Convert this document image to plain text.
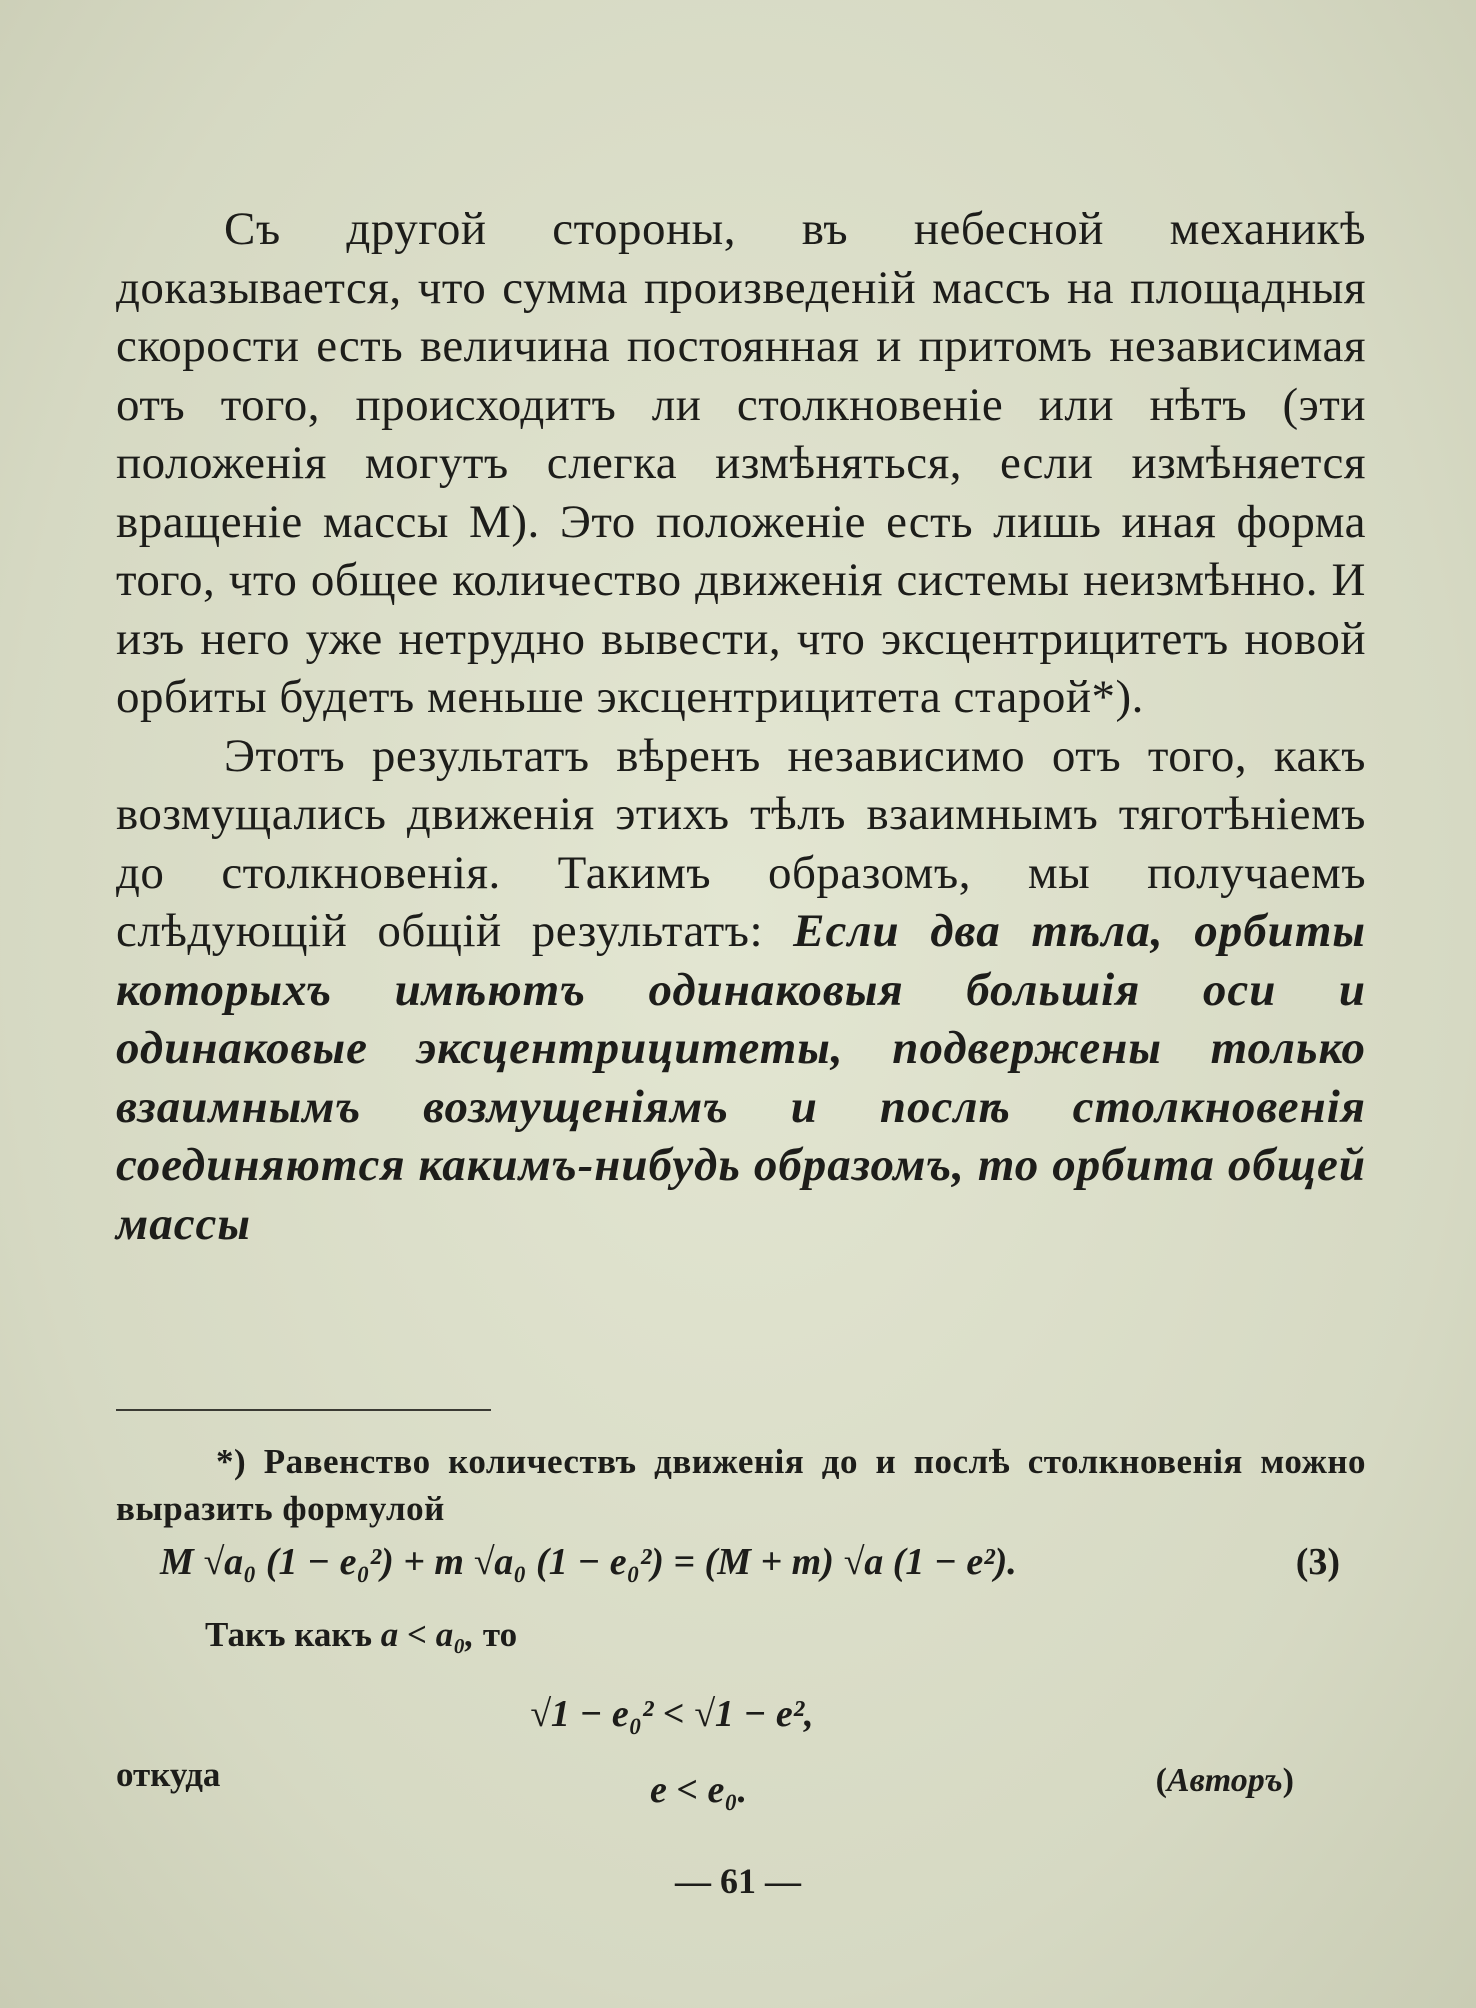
Съ другой стороны, въ небесной механикѣ доказывается, что сумма произведеній массъ на площадныя скорости есть величина постоянная и притомъ независимая отъ того, происходитъ ли столкновеніе или нѣтъ (эти положенія могутъ слегка измѣняться, если измѣняется вращеніе массы M). Это положеніе есть лишь иная форма того, что общее количество движенія системы неизмѣнно. И изъ него уже нетрудно вывести, что эксцентрицитетъ новой орбиты будетъ меньше эксцентрицитета старой*).

Этотъ результатъ вѣренъ независимо отъ того, какъ возмущались движенія этихъ тѣлъ взаимнымъ тяготѣніемъ до столкновенія. Такимъ образомъ, мы получаемъ слѣдующій общій результатъ: Если два тѣла, орбиты которыхъ имѣютъ одинаковыя большія оси и одинаковые эксцентрицитеты, подвержены только взаимнымъ возмущеніямъ и послѣ столкновенія соединяются какимъ-нибудь образомъ, то орбита общей массы

*) Равенство количествъ движенія до и послѣ столкновенія можно выразить формулой

M √a₀ (1 − e₀²) + m √a₀ (1 − e₀²) = (M + m) √a (1 − e²).	(3)
Такъ какъ a < a₀, то
√1 − e₀² < √1 − e²,
откуда	e < e₀.	(Авторъ)
— 61 —
